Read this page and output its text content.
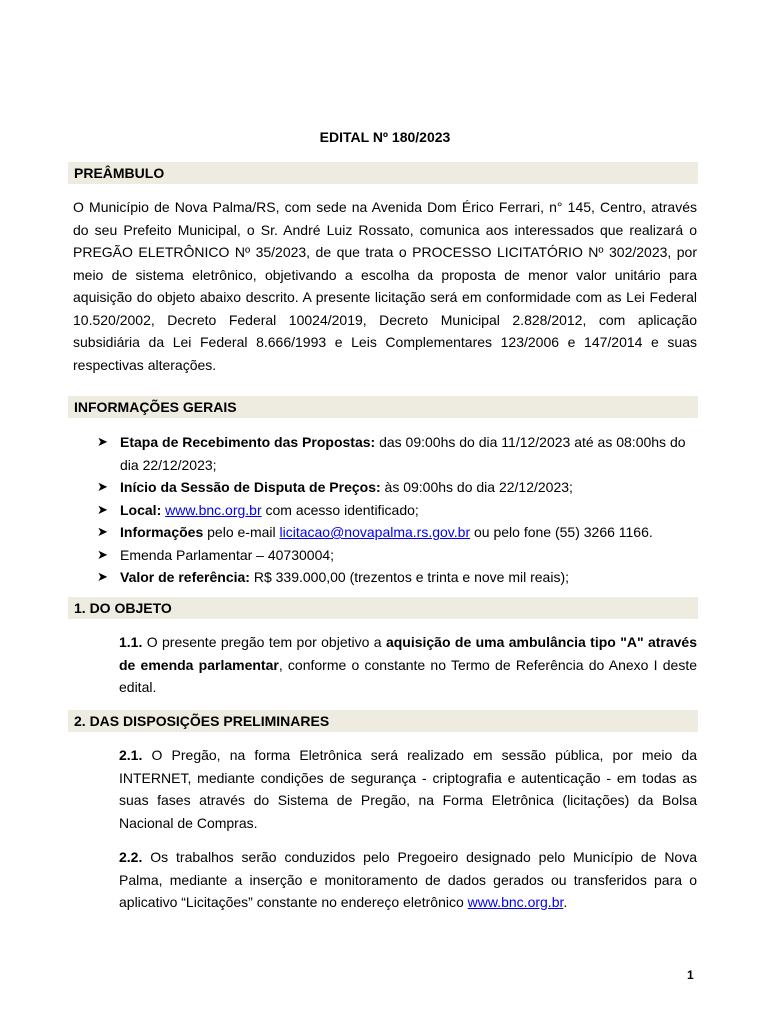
EDITAL Nº 180/2023
PREÂMBULO

O Município de Nova Palma/RS, com sede na Avenida Dom Érico Ferrari, n° 145, Centro, através do seu Prefeito Municipal, o Sr. André Luiz Rossato, comunica aos interessados que realizará o PREGÃO ELETRÔNICO Nº 35/2023, de que trata o PROCESSO LICITATÓRIO Nº 302/2023, por meio de sistema eletrônico, objetivando a escolha da proposta de menor valor unitário para aquisição do objeto abaixo descrito. A presente licitação será em conformidade com as Lei Federal 10.520/2002, Decreto Federal 10024/2019, Decreto Municipal 2.828/2012, com aplicação subsidiária da Lei Federal 8.666/1993 e Leis Complementares 123/2006 e 147/2014 e suas respectivas alterações.

INFORMAÇÕES GERAIS
➤ Etapa de Recebimento das Propostas: das 09:00hs do dia 11/12/2023 até as 08:00hs do dia 22/12/2023;
➤ Início da Sessão de Disputa de Preços: às 09:00hs do dia 22/12/2023;
➤ Local: www.bnc.org.br com acesso identificado;
➤ Informações pelo e-mail licitacao@novapalma.rs.gov.br ou pelo fone (55) 3266 1166.
➤ Emenda Parlamentar – 40730004;
➤ Valor de referência: R$ 339.000,00 (trezentos e trinta e nove mil reais);
1. DO OBJETO

1.1. O presente pregão tem por objetivo a aquisição de uma ambulância tipo "A" através de emenda parlamentar, conforme o constante no Termo de Referência do Anexo I deste edital.

2. DAS DISPOSIÇÕES PRELIMINARES

2.1. O Pregão, na forma Eletrônica será realizado em sessão pública, por meio da INTERNET, mediante condições de segurança - criptografia e autenticação - em todas as suas fases através do Sistema de Pregão, na Forma Eletrônica (licitações) da Bolsa Nacional de Compras.

2.2. Os trabalhos serão conduzidos pelo Pregoeiro designado pelo Município de Nova Palma, mediante a inserção e monitoramento de dados gerados ou transferidos para o aplicativo “Licitações” constante no endereço eletrônico www.bnc.org.br.

1
